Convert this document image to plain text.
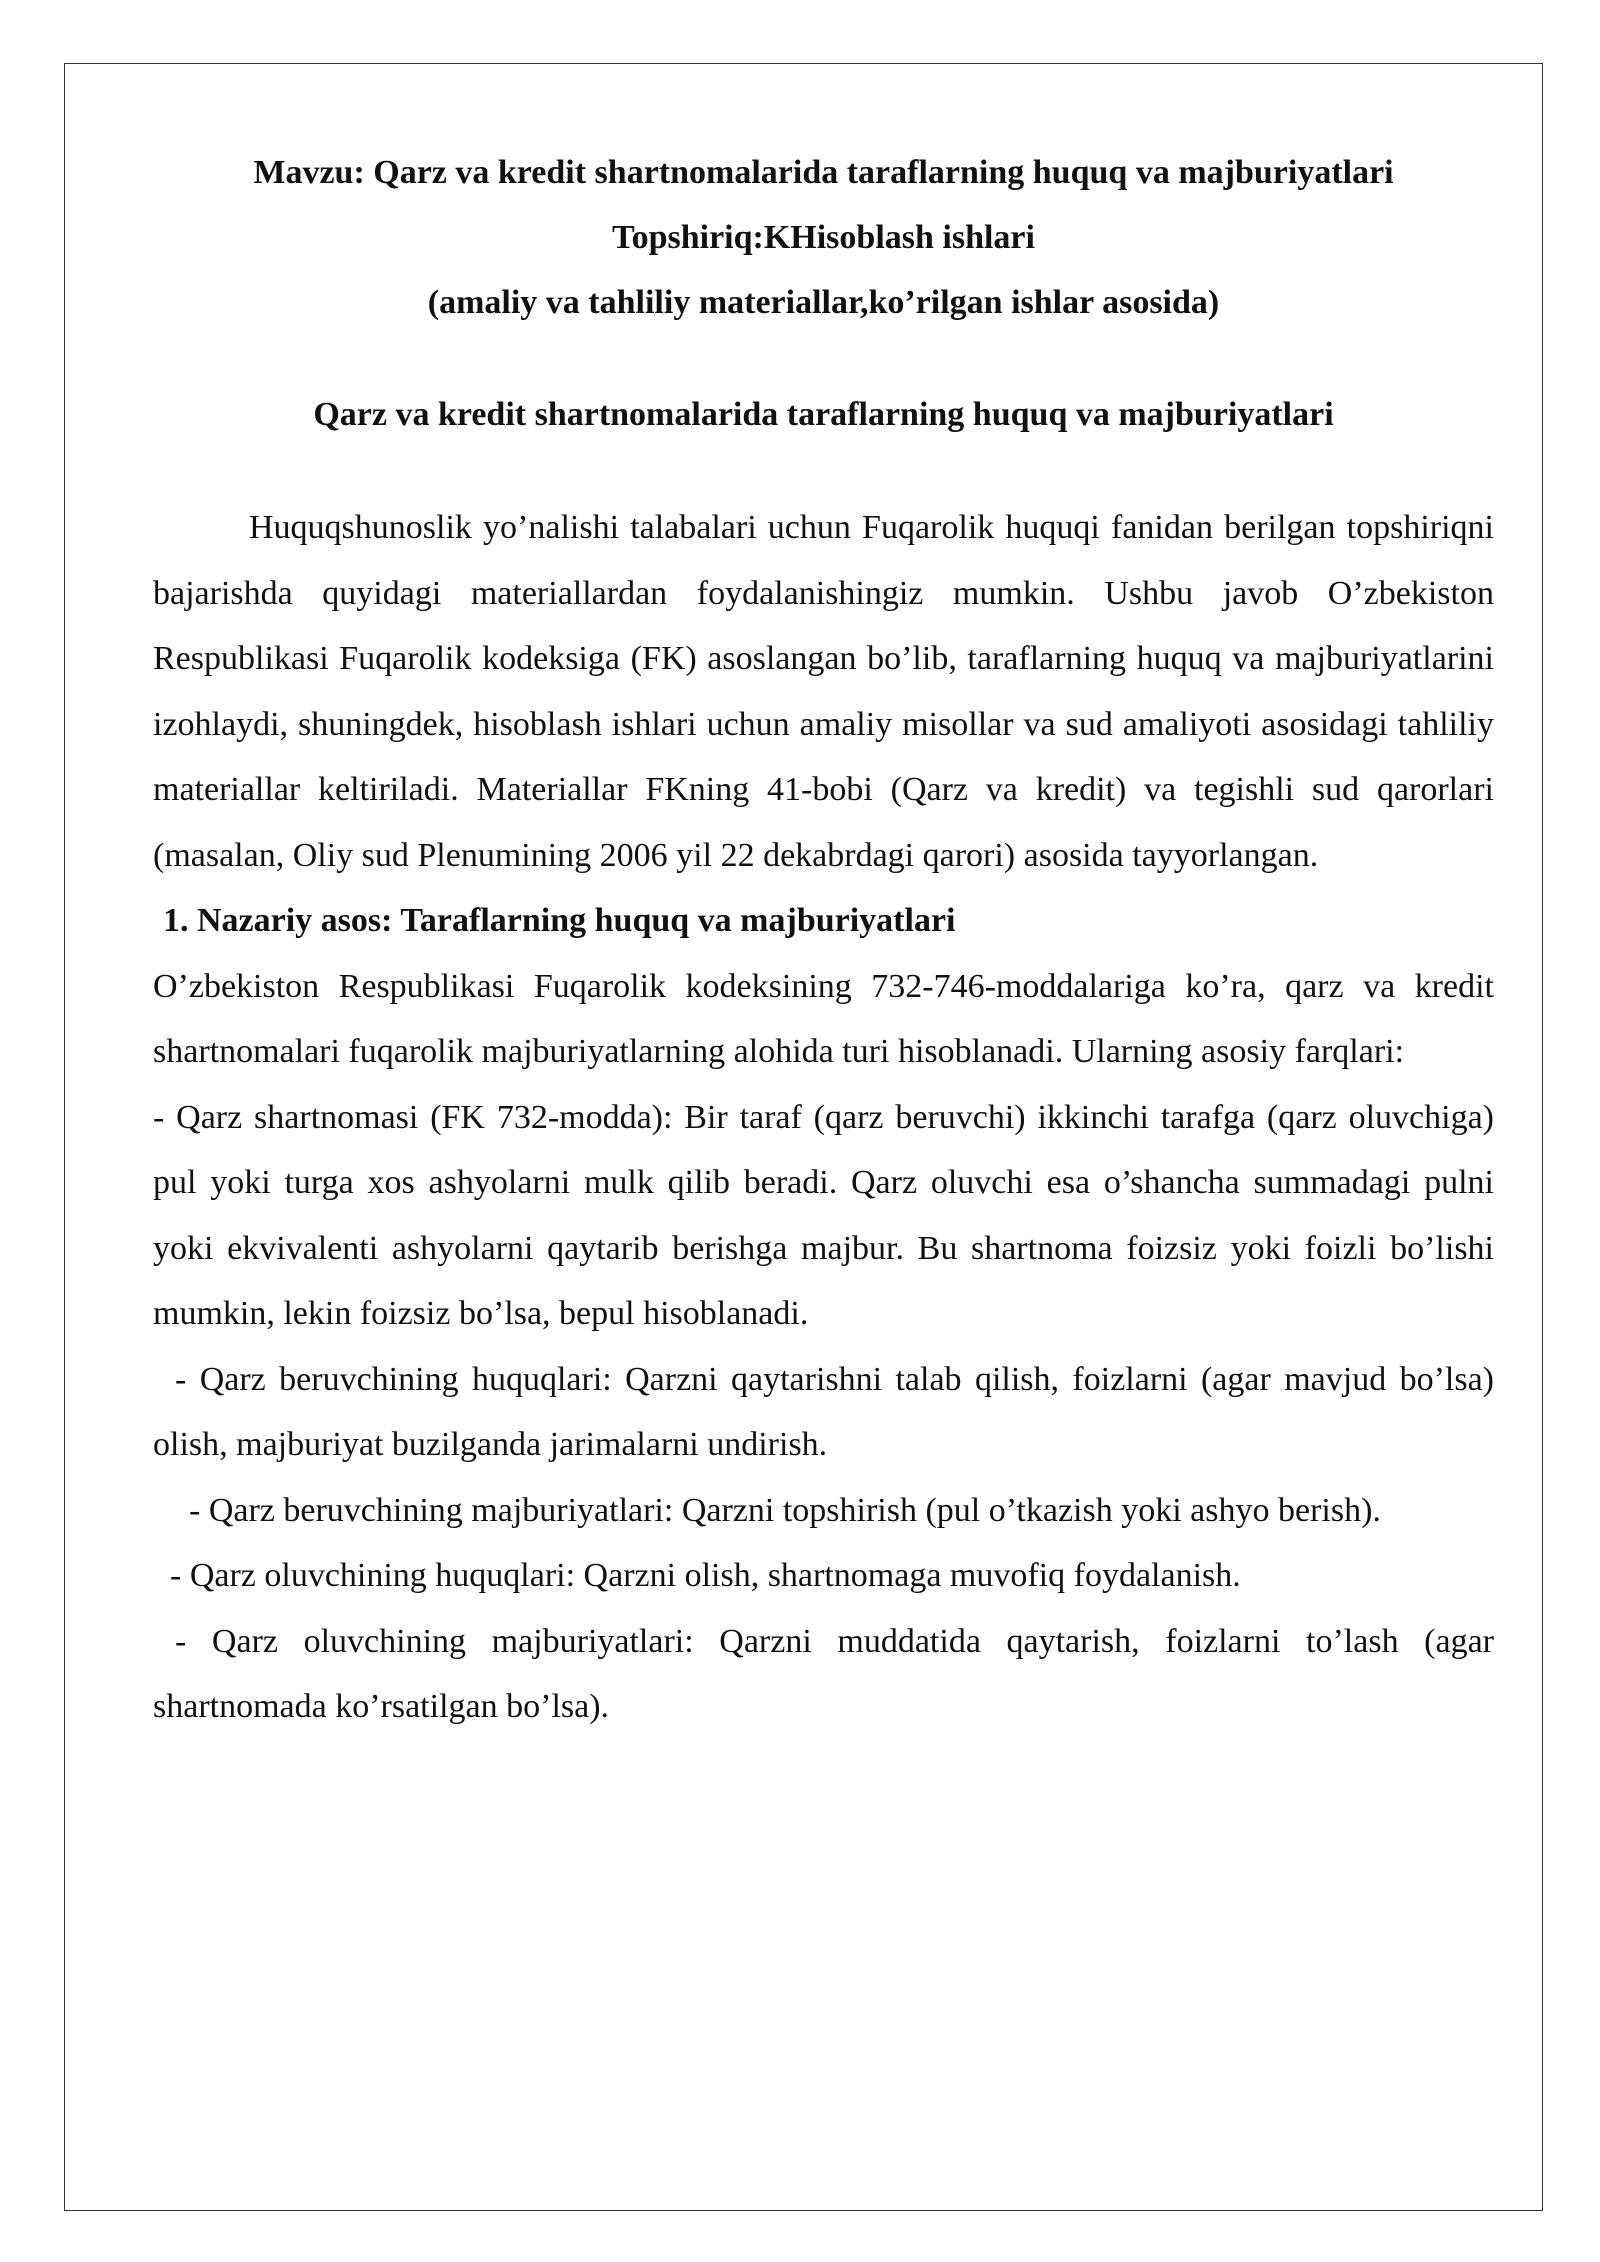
Mavzu: Qarz va kredit shartnomalarida taraflarning huquq va majburiyatlari

Topshiriq:KHisoblash ishlari

(amaliy va tahliliy materiallar,ko’rilgan ishlar asosida)

Qarz va kredit shartnomalarida taraflarning huquq va majburiyatlari

Huquqshunoslik yo’nalishi talabalari uchun Fuqarolik huquqi fanidan berilgan topshiriqni bajarishda quyidagi materiallardan foydalanishingiz mumkin. Ushbu javob O’zbekiston Respublikasi Fuqarolik kodeksiga (FK) asoslangan bo’lib, taraflarning huquq va majburiyatlarini izohlaydi, shuningdek, hisoblash ishlari uchun amaliy misollar va sud amaliyoti asosidagi tahliliy materiallar keltiriladi. Materiallar FKning 41-bobi (Qarz va kredit) va tegishli sud qarorlari (masalan, Oliy sud Plenumining 2006 yil 22 dekabrdagi qarori) asosida tayyorlangan.

1. Nazariy asos: Taraflarning huquq va majburiyatlari

O’zbekiston Respublikasi Fuqarolik kodeksining 732-746-moddalariga ko’ra, qarz va kredit shartnomalari fuqarolik majburiyatlarning alohida turi hisoblanadi. Ularning asosiy farqlari:

- Qarz shartnomasi (FK 732-modda): Bir taraf (qarz beruvchi) ikkinchi tarafga (qarz oluvchiga) pul yoki turga xos ashyolarni mulk qilib beradi. Qarz oluvchi esa o’shancha summadagi pulni yoki ekvivalenti ashyolarni qaytarib berishga majbur. Bu shartnoma foizsiz yoki foizli bo’lishi mumkin, lekin foizsiz bo’lsa, bepul hisoblanadi.

- Qarz beruvchining huquqlari: Qarzni qaytarishni talab qilish, foizlarni (agar mavjud bo’lsa) olish, majburiyat buzilganda jarimalarni undirish.

- Qarz beruvchining majburiyatlari: Qarzni topshirish (pul o’tkazish yoki ashyo berish).

- Qarz oluvchining huquqlari: Qarzni olish, shartnomaga muvofiq foydalanish.

- Qarz oluvchining majburiyatlari: Qarzni muddatida qaytarish, foizlarni to’lash (agar shartnomada ko’rsatilgan bo’lsa).
